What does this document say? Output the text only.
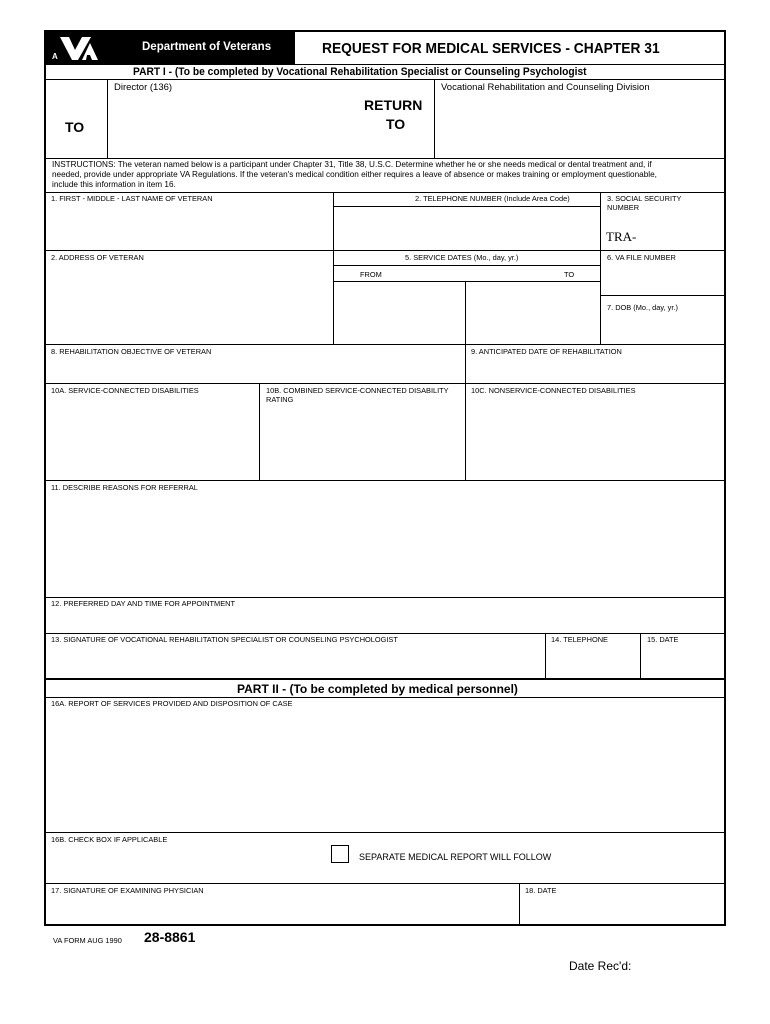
A
Department of Veterans	REQUEST FOR MEDICAL SERVICES - CHAPTER 31
PART I - (To be completed by Vocational Rehabilitation Specialist or Counseling Psychologist
TO
Director (136)
RETURN
TO
Vocational Rehabilitation and Counseling Division
INSTRUCTIONS: The veteran named below is a participant under Chapter 31, Title 38, U.S.C. Determine whether he or she needs medical or dental treatment and, if
needed, provide under appropriate VA Regulations. If the veteran's medical condition either requires a leave of absence or makes training or employment questionable,
include this information in item 16.
1. FIRST - MIDDLE - LAST NAME OF VETERAN	2. TELEPHONE NUMBER (Include Area Code)	3. SOCIAL SECURITY
NUMBER
TRA-
2. ADDRESS OF VETERAN	5. SERVICE DATES (Mo., day, yr.)
FROM	TO
6. VA FILE NUMBER
7. DOB (Mo., day, yr.)
8. REHABILITATION OBJECTIVE OF VETERAN	9. ANTICIPATED DATE OF REHABILITATION
10A. SERVICE-CONNECTED DISABILITIES	10B. COMBINED SERVICE-CONNECTED DISABILITY
RATING
10C. NONSERVICE-CONNECTED DISABILITIES
11. DESCRIBE REASONS FOR REFERRAL
12. PREFERRED DAY AND TIME FOR APPOINTMENT
13. SIGNATURE OF VOCATIONAL REHABILITATION SPECIALIST OR COUNSELING PSYCHOLOGIST	14. TELEPHONE	15. DATE
PART II - (To be completed by medical personnel)
16A. REPORT OF SERVICES PROVIDED AND DISPOSITION OF CASE
16B. CHECK BOX IF APPLICABLE
SEPARATE MEDICAL REPORT WILL FOLLOW
17. SIGNATURE OF EXAMINING PHYSICIAN	18. DATE
VA FORM AUG 1990 28-8861
Date Rec'd:
